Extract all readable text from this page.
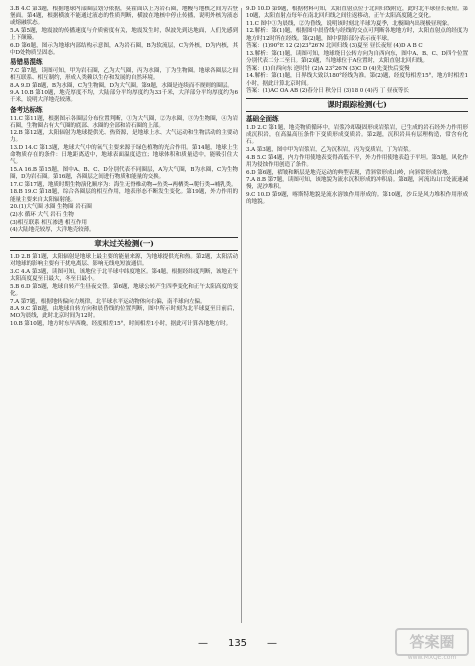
3.B 4.C 第3题，根据地球内部圈层划分依据，莫霍面以上为岩石圈，地幔与地核之间为古登堡面。第4题，根据横波不能通过液态的性质判断，横波在地核中停止传播，说明外核为液态或熔融状态。
5.A 第5题，地震波的传播速度与介质密度有关，地震发生时，纵波先到达地面，人们先感到上下颠簸。
6.D 第6题，图示为地球内部结构示意图，A为岩石圈，B为软流层，C为外核，D为内核，其中D处物质呈固态。
易错易混练
7.C 第7题，读图可知，甲为岩石圈，乙为大气圈，丙为水圈，丁为生物圈。地球各圈层之间相互联系、相互制约，形成人类赖以生存和发展的自然环境。
8.A 9.D 第8题，B为水圈，C为生物圈，D为大气圈。第9题，水圈是连续而不规则的圈层。
9.A 10.B 第10题，地壳厚度不均，大陆部分平均厚度约为33千米，大洋部分平均厚度约为6千米，说明大洋地壳较薄。
备考达标练
11.C 第11题，根据图示各圈层分布位置判断，①为大气圈，②为水圈，③为生物圈，④为岩石圈，生物圈占有大气圈的底部、水圈的全部和岩石圈的上部。
12.B 第12题，太阳辐射为地球提供光、热资源，是地球上水、大气运动和生物活动的主要动力。
13.D 14.C 第13题，地球大气中的氧气主要来源于绿色植物的光合作用。第14题，地球上生命物质存在的条件：日地距离适中，地球表面温度适宜；地球体积和质量适中，能吸引住大气。
15.A 16.B 第15题，图中A、B、C、D分别代表不同圈层，A为大气圈，B为水圈，C为生物圈，D为岩石圈。第16题，各圈层之间进行物质和能量的交换。
17.C 第17题，地质时期生物演化顺序为：海生无脊椎动物→鱼类→两栖类→爬行类→哺乳类。
18.B 19.C 第18题，综合各圈层的相互作用，地表形态不断发生变化。第19题，外力作用的能量主要来自太阳辐射能。
20.(1)大气圈 水圈 生物圈 岩石圈
(2)水 循环 大气 岩石 生物
(3)相互联系 相互渗透 相互作用
(4)大陆地壳较厚，大洋地壳较薄。
章末过关检测(一)
1.D 2.B 第1题，太阳辐射是地球上最主要的能量来源，为地球提供光和热。第2题，太阳活动对地球的影响主要有干扰电离层、影响无线电短波通信。
3.C 4.A 第3题，读图可知，该地位于北半球中纬度地区。第4题，根据经纬度判断，该地正午太阳高度夏至日最大，冬至日最小。
5.B 6.D 第5题，地球自转产生昼夜交替。第6题，地球公转产生四季变化和正午太阳高度的变化。
7.A 第7题，根据地转偏向力规律，北半球水平运动物体向右偏，南半球向左偏。
8.A 9.C 第8题，由地球自转方向和晨昏线的位置判断，图中所示时刻为北半球夏至日前后，MO为晨线，此时北京时间为12时。
10.B 第10题，地方时东早西晚，经度相差15°，时间相差1小时，据此可计算各地地方时。
9.D 10.D 第9题，根据材料可知，太阳直射点位于北回归线附近，此时北半球昼长夜短。第10题，太阳直射点每年在南北回归线之间往返移动，正午太阳高度随之变化。
11.C 图中①为晨线，②为昏线，说明该时刻北半球为夏季，北极圈内出现极昼现象。
12.解析：第(1)题，根据图中晨昏线与经线的交点可判断各地地方时，太阳直射点的经度为地方时12时所在经线。第(2)题，图中阴影部分表示夜半球。
答案：(1)90°E 12 (2)23°26′N 北回归线 (3)夏至 昼长夜短 (4)D A B C
13.解析：第(1)题，读图可知，地球绕日公转方向为自西向东，图中A、B、C、D四个位置分别代表二分二至日。第(2)题，当地球位于A位置时，太阳直射北回归线。
答案：(1)自西向东 逆时针 (2)A 23°26′N (3)C D (4)先变快后变慢
14.解析：第(1)题，日界线大致以180°经线为准。第(2)题，经度每相差15°，地方时相差1小时，据此计算北京时间。
答案：(1)AC OA AB (2)春分日 秋分日 (3)18 0 (4)丙 丁 昼夜等长
课时跟踪检测(七)
基础全面练
1.D 2.C 第1题，地壳物质循环中，岩浆冷却凝固形成岩浆岩，已生成的岩石经外力作用形成沉积岩，在高温高压条件下变质形成变质岩。第2题，沉积岩具有层理构造，常含有化石。
3.A 第3题，图中甲为岩浆岩，乙为沉积岩，丙为变质岩，丁为岩浆。
4.B 5.C 第4题，内力作用使地表变得高低不平，外力作用使地表趋于平坦。第5题，风化作用为侵蚀作用创造了条件。
6.D 第6题，褶皱和断层是地壳运动的典型表现，背斜常形成山岭，向斜常形成谷地。
7.A 8.B 第7题，读图可知，该地貌为流水沉积形成的冲积扇。第8题，河流出山口处流速减慢，泥沙堆积。
9.C 10.D 第9题，喀斯特地貌是流水溶蚀作用形成的。第10题，沙丘是风力堆积作用形成的地貌。
— 135 —	答案圈
www.MXQE.com
